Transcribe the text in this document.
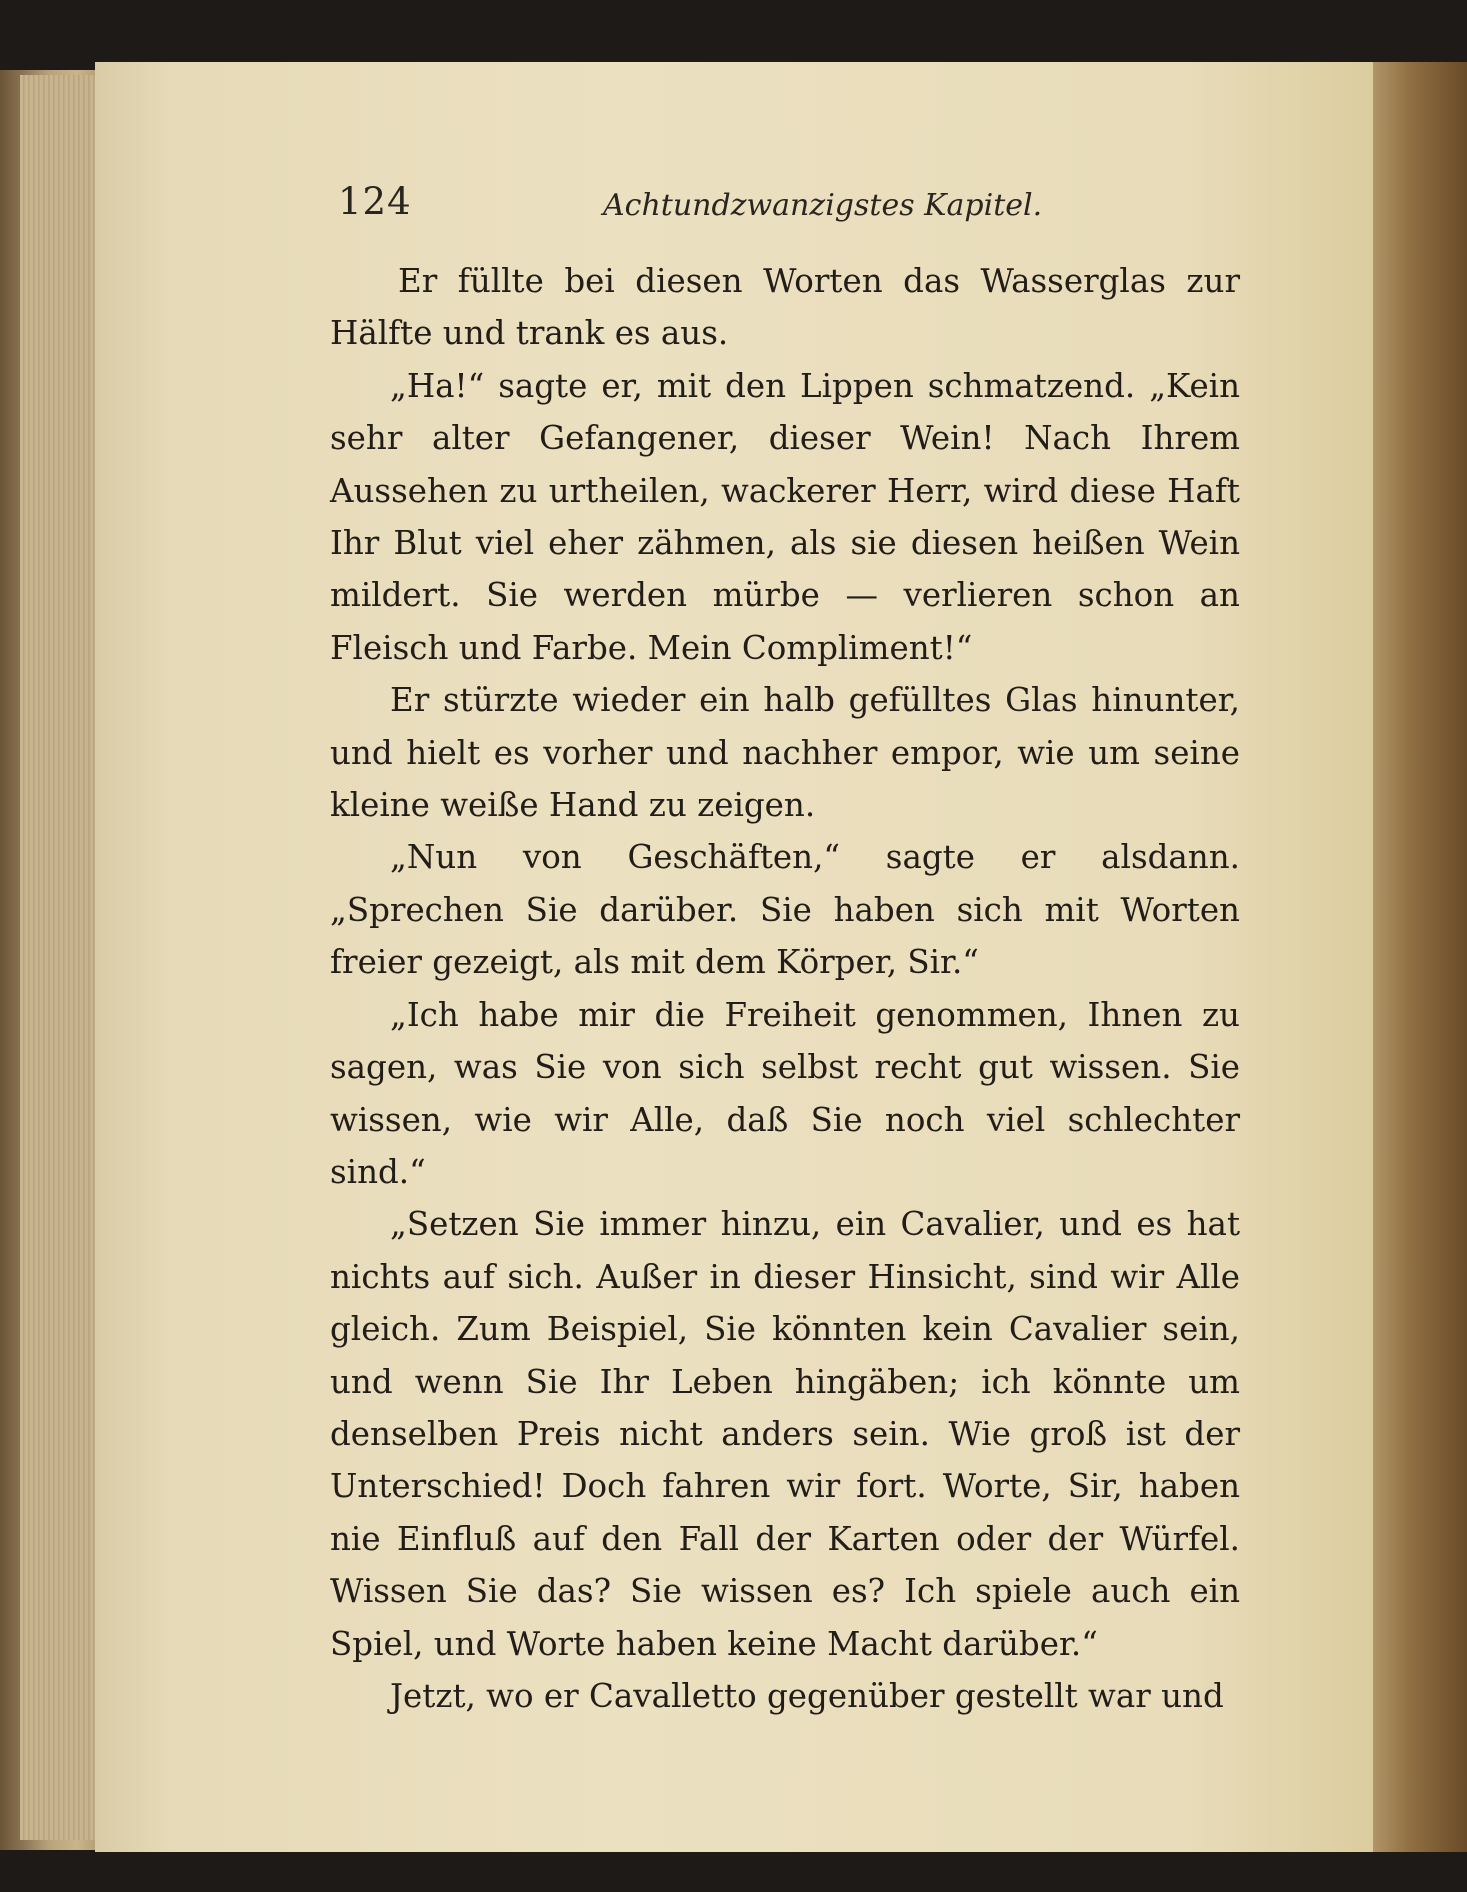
124	Achtundzwanzigstes Kapitel.

Er füllte bei diesen Worten das Wasserglas zur Hälfte und trank es aus.

„Ha!“ sagte er, mit den Lippen schmatzend. „Kein sehr alter Gefangener, dieser Wein! Nach Ihrem Aussehen zu urtheilen, wackerer Herr, wird diese Haft Ihr Blut viel eher zähmen, als sie diesen heißen Wein mildert. Sie werden mürbe — verlieren schon an Fleisch und Farbe. Mein Compliment!“

Er stürzte wieder ein halb gefülltes Glas hinunter, und hielt es vorher und nachher empor, wie um seine kleine weiße Hand zu zeigen.

„Nun von Geschäften,“ sagte er alsdann. „Sprechen Sie darüber. Sie haben sich mit Worten freier gezeigt, als mit dem Körper, Sir.“

„Ich habe mir die Freiheit genommen, Ihnen zu sagen, was Sie von sich selbst recht gut wissen. Sie wissen, wie wir Alle, daß Sie noch viel schlechter sind.“

„Setzen Sie immer hinzu, ein Cavalier, und es hat nichts auf sich. Außer in dieser Hinsicht, sind wir Alle gleich. Zum Beispiel, Sie könnten kein Cavalier sein, und wenn Sie Ihr Leben hingäben; ich könnte um denselben Preis nicht anders sein. Wie groß ist der Unterschied! Doch fahren wir fort. Worte, Sir, haben nie Einfluß auf den Fall der Karten oder der Würfel. Wissen Sie das? Sie wissen es? Ich spiele auch ein Spiel, und Worte haben keine Macht darüber.“

Jetzt, wo er Cavalletto gegenüber gestellt war und
